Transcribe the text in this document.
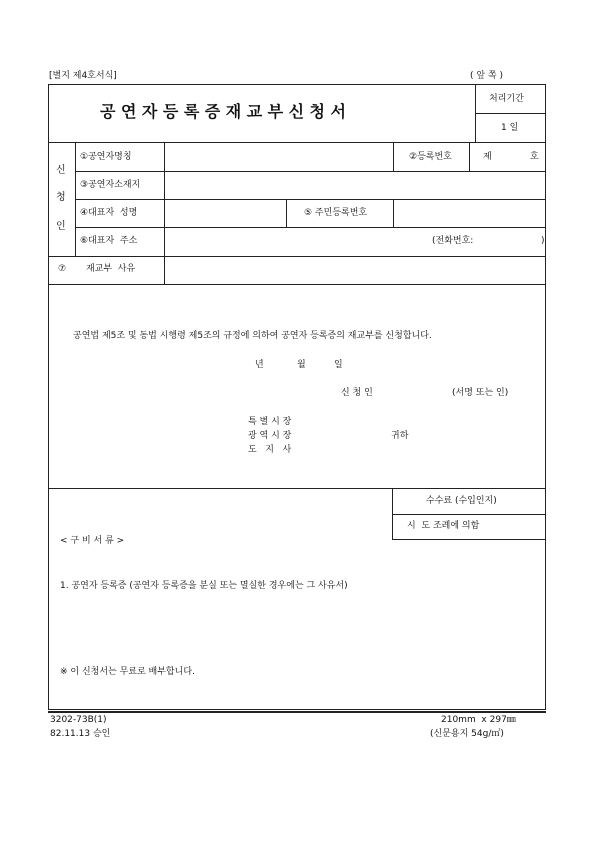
[별지 제4호서식]	( 앞 쪽 )
공연자등록증재교부신청서
처리기간
1 일
신
청
인
①공연자명칭	②등록번호	제	호
③공연자소재지
④대표자  성명	⑤ 주민등록번호
⑥대표자  주소	(전화번호:	)
⑦ 재교부  사유
공연법 제5조 및 동법 시행령 제5조의 규정에 의하여 공연자 등록증의 재교부를 신청합니다.
년	월	일
신 청 인	(서명 또는 인)
특 별 시 장
광 역 시 장
도   지   사
귀하
수수료 (수입인지)
시  도 조례에 의함
< 구 비 서 류 >
1. 공연자 등록증 (공연자 등록증을 분실 또는 멸실한 경우에는 그 사유서)
※ 이 신청서는 무료로 배부합니다.
3202-73B(1)
82.11.13 승인
210mm  x 297㎜
(신문용지 54g/㎡)
